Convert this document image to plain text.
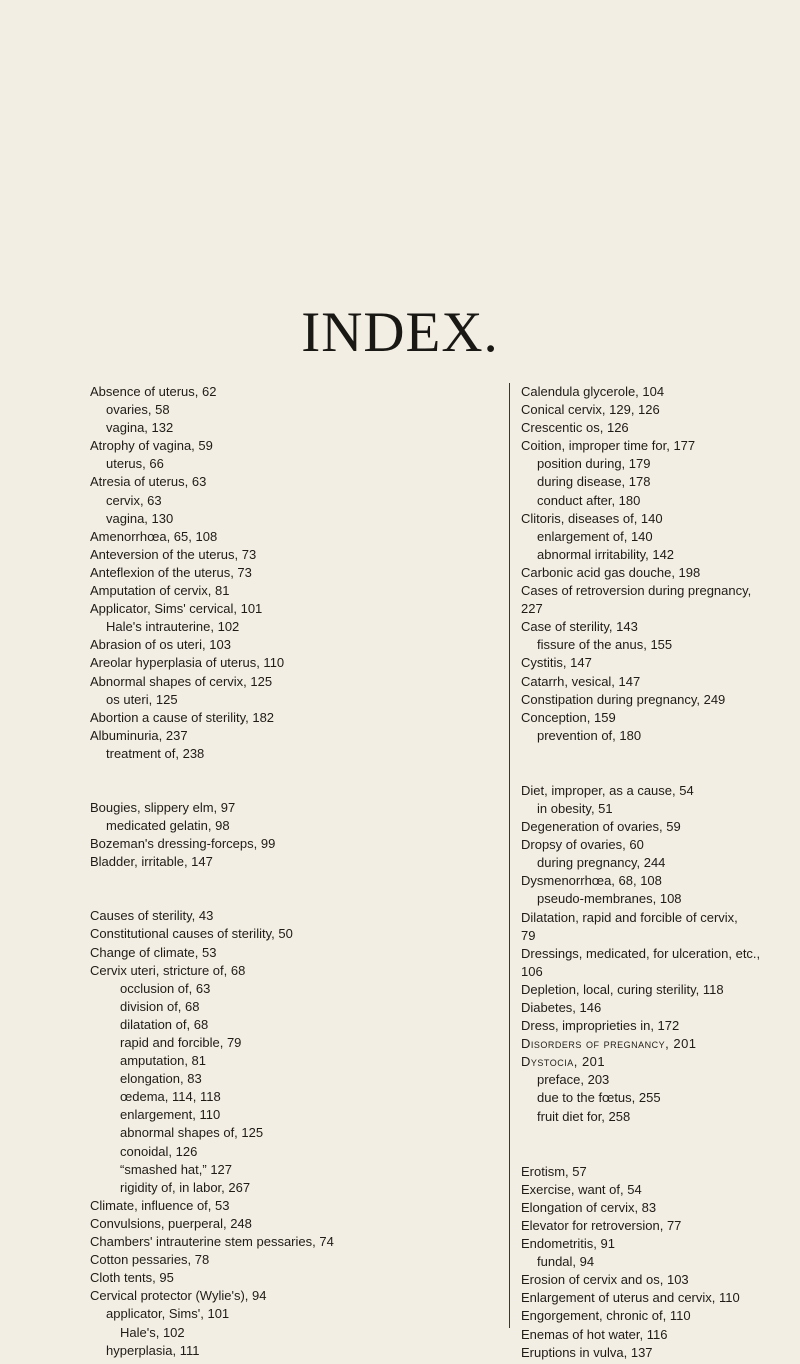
INDEX.
Absence of uterus, 62
ovaries, 58
vagina, 132
Atrophy of vagina, 59
uterus, 66
Atresia of uterus, 63
cervix, 63
vagina, 130
Amenorrhœa, 65, 108
Anteversion of the uterus, 73
Anteflexion of the uterus, 73
Amputation of cervix, 81
Applicator, Sims' cervical, 101
Hale's intrauterine, 102
Abrasion of os uteri, 103
Areolar hyperplasia of uterus, 110
Abnormal shapes of cervix, 125
os uteri, 125
Abortion a cause of sterility, 182
Albuminuria, 237
treatment of, 238
Bougies, slippery elm, 97
medicated gelatin, 98
Bozeman's dressing-forceps, 99
Bladder, irritable, 147
Causes of sterility, 43
Constitutional causes of sterility, 50
Change of climate, 53
Cervix uteri, stricture of, 68
occlusion of, 63
division of, 68
dilatation of, 68
rapid and forcible, 79
amputation, 81
elongation, 83
œdema, 114, 118
enlargement, 110
abnormal shapes of, 125
conoidal, 126
“smashed hat,” 127
rigidity of, in labor, 267
Climate, influence of, 53
Convulsions, puerperal, 248
Chambers' intrauterine stem pessaries, 74
Cotton pessaries, 78
Cloth tents, 95
Cervical protector (Wylie's), 94
applicator, Sims', 101
Hale's, 102
hyperplasia, 111
Calendula glycerole, 104
Conical cervix, 129, 126
Crescentic os, 126
Coition, improper time for, 177
position during, 179
during disease, 178
conduct after, 180
Clitoris, diseases of, 140
enlargement of, 140
abnormal irritability, 142
Carbonic acid gas douche, 198
Cases of retroversion during pregnancy,
227
Case of sterility, 143
fissure of the anus, 155
Cystitis, 147
Catarrh, vesical, 147
Constipation during pregnancy, 249
Conception, 159
prevention of, 180
Diet, improper, as a cause, 54
in obesity, 51
Degeneration of ovaries, 59
Dropsy of ovaries, 60
during pregnancy, 244
Dysmenorrhœa, 68, 108
pseudo-membranes, 108
Dilatation, rapid and forcible of cervix,
79
Dressings, medicated, for ulceration, etc.,
106
Depletion, local, curing sterility, 118
Diabetes, 146
Dress, improprieties in, 172
Disorders of pregnancy, 201
Dystocia, 201
preface, 203
due to the fœtus, 255
fruit diet for, 258
Erotism, 57
Exercise, want of, 54
Elongation of cervix, 83
Elevator for retroversion, 77
Endometritis, 91
fundal, 94
Erosion of cervix and os, 103
Enlargement of uterus and cervix, 110
Engorgement, chronic of, 110
Enemas of hot water, 116
Eruptions in vulva, 137
